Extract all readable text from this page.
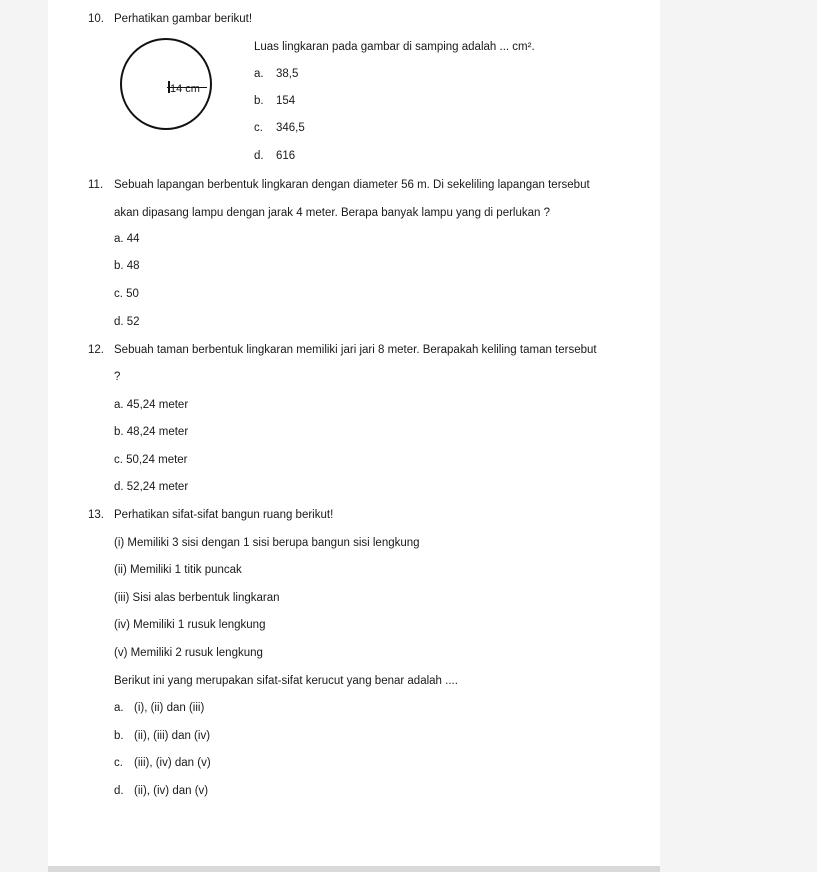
10. Perhatikan gambar berikut!
14 cm
Luas lingkaran pada gambar di samping adalah ... cm².
a. 38,5
b. 154
c. 346,5
d. 616
11. Sebuah lapangan berbentuk lingkaran dengan diameter 56 m. Di sekeliling lapangan tersebut
akan dipasang lampu dengan jarak 4 meter. Berapa banyak lampu yang di perlukan ?
a. 44
b. 48
c. 50
d. 52
12. Sebuah taman berbentuk lingkaran memiliki jari jari 8 meter. Berapakah keliling taman tersebut
?
a. 45,24 meter
b. 48,24 meter
c. 50,24 meter
d. 52,24 meter
13. Perhatikan sifat-sifat bangun ruang berikut!
(i) Memiliki 3 sisi dengan 1 sisi berupa bangun sisi lengkung
(ii) Memiliki 1 titik puncak
(iii) Sisi alas berbentuk lingkaran
(iv) Memiliki 1 rusuk lengkung
(v) Memiliki 2 rusuk lengkung
Berikut ini yang merupakan sifat-sifat kerucut yang benar adalah ....
a. (i), (ii) dan (iii)
b. (ii), (iii) dan (iv)
c. (iii), (iv) dan (v)
d. (ii), (iv) dan (v)
